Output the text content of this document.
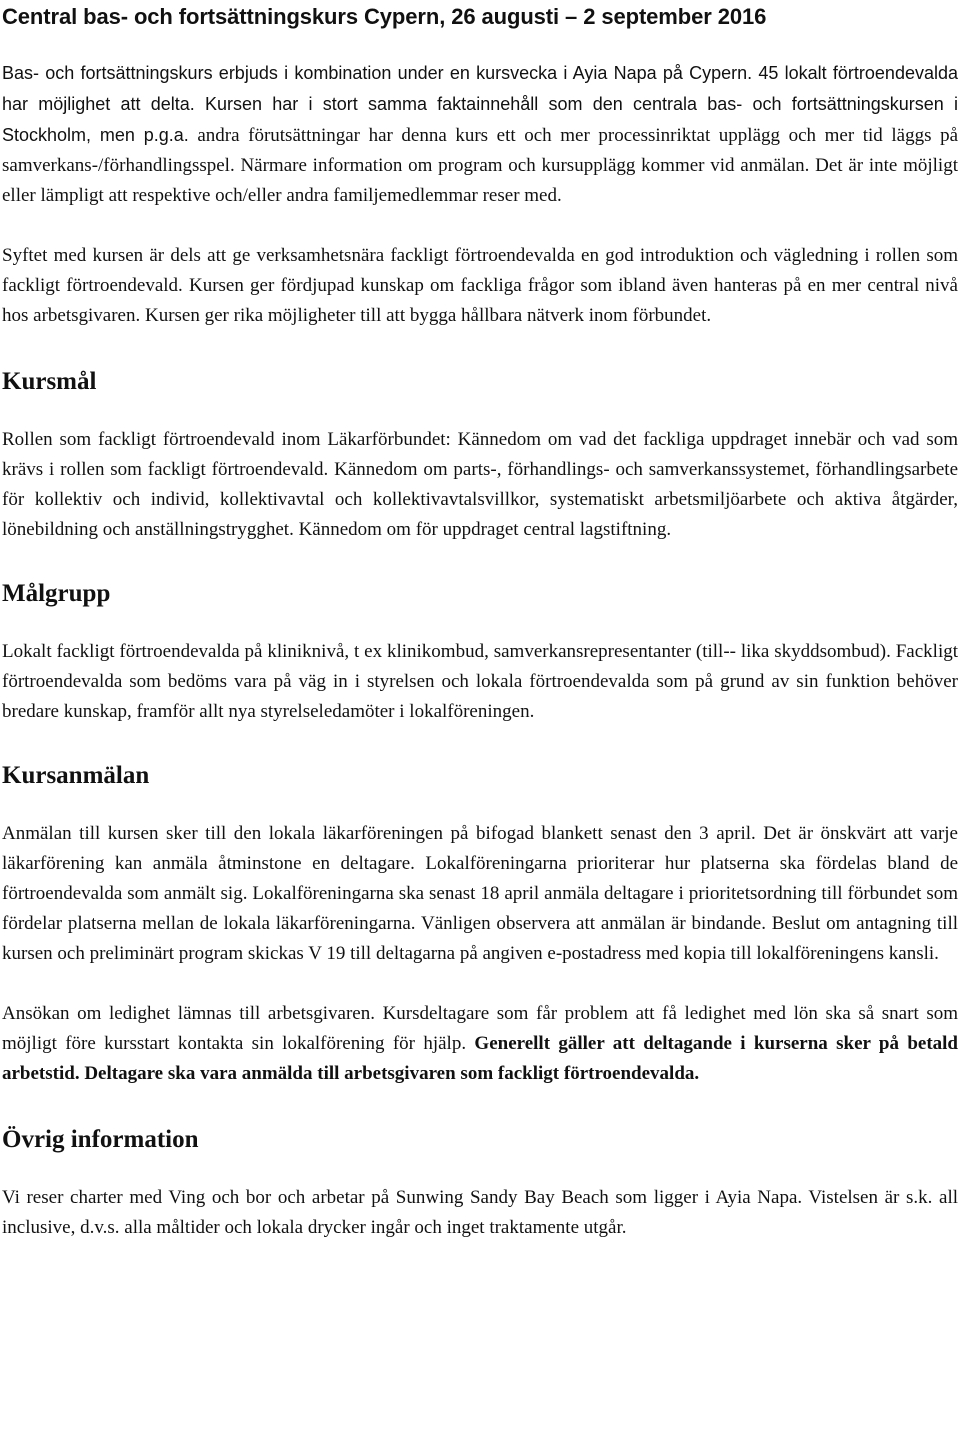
Central bas- och fortsättningskurs Cypern, 26 augusti – 2 september 2016

Bas- och fortsättningskurs erbjuds i kombination under en kursvecka i Ayia Napa på Cypern. 45 lokalt förtroendevalda har möjlighet att delta. Kursen har i stort samma faktainnehåll som den centrala bas- och fortsättningskursen i Stockholm, men p.g.a. andra förutsättningar har denna kurs ett och mer processinriktat upplägg och mer tid läggs på samverkans-/förhandlingsspel. Närmare information om program och kursupplägg kommer vid anmälan. Det är inte möjligt eller lämpligt att respektive och/eller andra familjemedlemmar reser med.

Syftet med kursen är dels att ge verksamhetsnära fackligt förtroendevalda en god introduktion och vägledning i rollen som fackligt förtroendevald. Kursen ger fördjupad kunskap om fackliga frågor som ibland även hanteras på en mer central nivå hos arbetsgivaren. Kursen ger rika möjligheter till att bygga hållbara nätverk inom förbundet.

Kursmål

Rollen som fackligt förtroendevald inom Läkarförbundet: Kännedom om vad det fackliga uppdraget innebär och vad som krävs i rollen som fackligt förtroendevald. Kännedom om parts-, förhandlings- och samverkanssystemet, förhandlingsarbete för kollektiv och individ, kollektivavtal och kollektivavtalsvillkor, systematiskt arbetsmiljöarbete och aktiva åtgärder, lönebildning och anställningstrygghet. Kännedom om för uppdraget central lagstiftning.

Målgrupp

Lokalt fackligt förtroendevalda på kliniknivå, t ex klinikombud, samverkansrepresentanter (till-- lika skyddsombud). Fackligt förtroendevalda som bedöms vara på väg in i styrelsen och lokala förtroendevalda som på grund av sin funktion behöver bredare kunskap, framför allt nya styrelseledamöter i lokalföreningen.

Kursanmälan

Anmälan till kursen sker till den lokala läkarföreningen på bifogad blankett senast den 3 april. Det är önskvärt att varje läkarförening kan anmäla åtminstone en deltagare. Lokalföreningarna prioriterar hur platserna ska fördelas bland de förtroendevalda som anmält sig. Lokalföreningarna ska senast 18 april anmäla deltagare i prioritetsordning till förbundet som fördelar platserna mellan de lokala läkarföreningarna. Vänligen observera att anmälan är bindande. Beslut om antagning till kursen och preliminärt program skickas V 19 till deltagarna på angiven e-postadress med kopia till lokalföreningens kansli.

Ansökan om ledighet lämnas till arbetsgivaren. Kursdeltagare som får problem att få ledighet med lön ska så snart som möjligt före kursstart kontakta sin lokalförening för hjälp. Generellt gäller att deltagande i kurserna sker på betald arbetstid. Deltagare ska vara anmälda till arbetsgivaren som fackligt förtroendevalda.

Övrig information

Vi reser charter med Ving och bor och arbetar på Sunwing Sandy Bay Beach som ligger i Ayia Napa. Vistelsen är s.k. all inclusive, d.v.s. alla måltider och lokala drycker ingår och inget traktamente utgår.
